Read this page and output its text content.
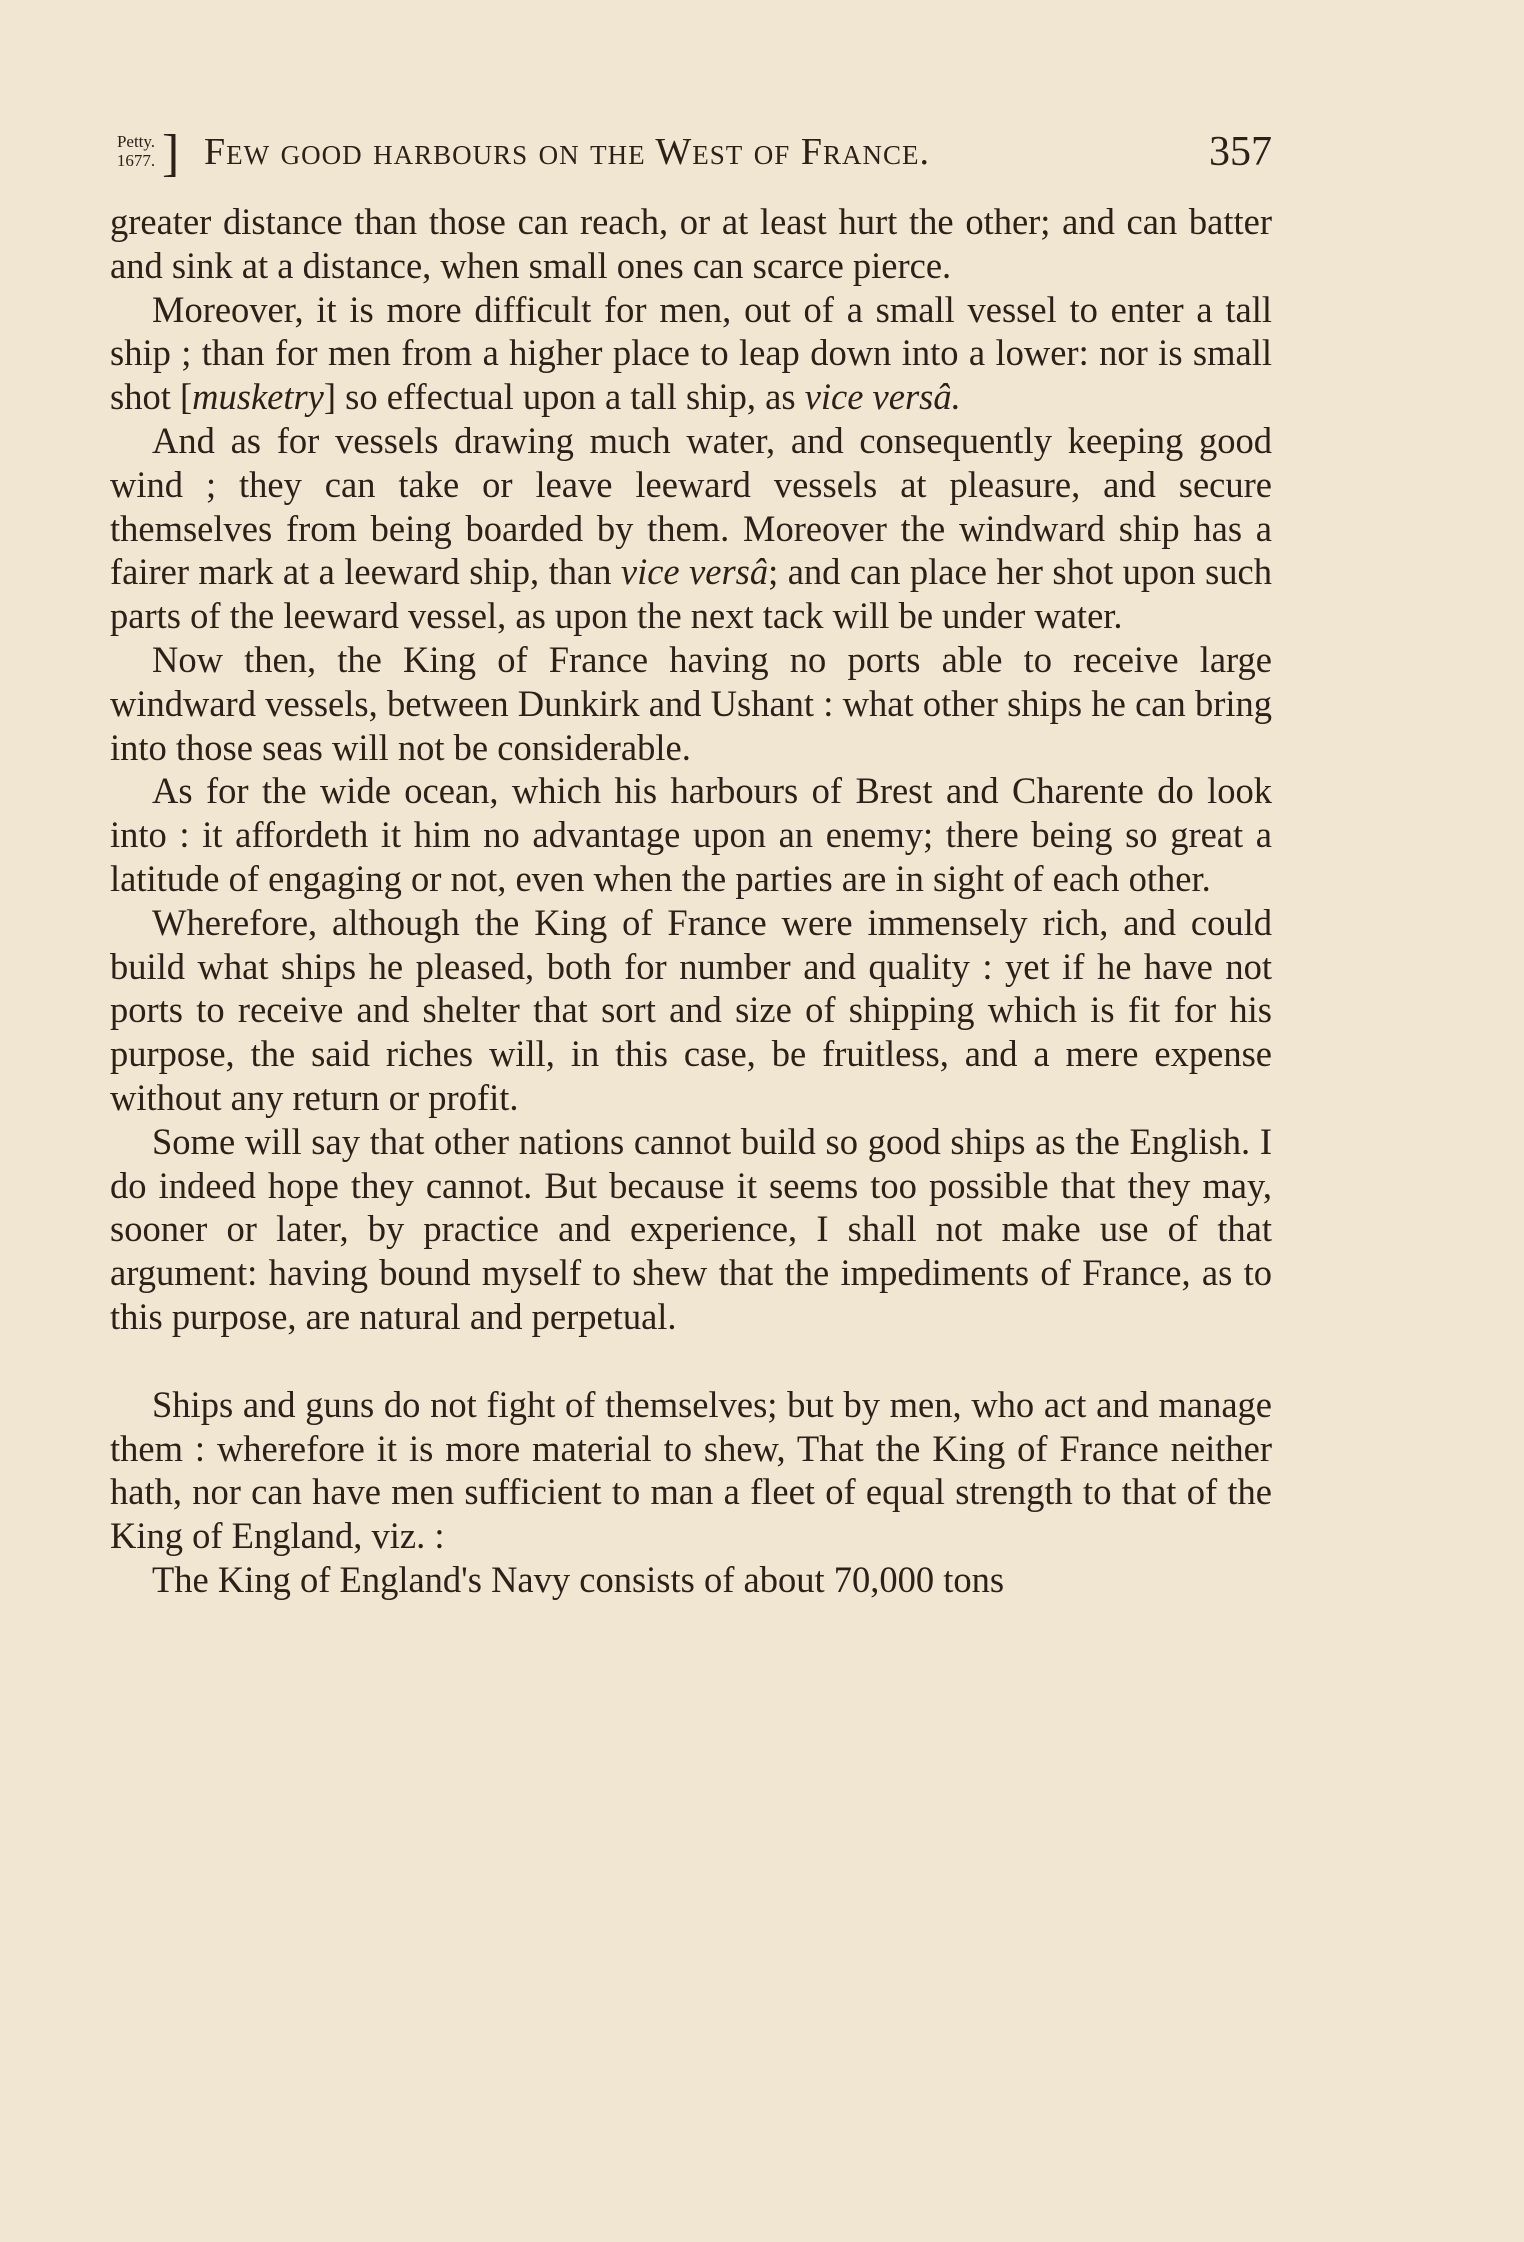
Petty.
1677. ] Few good harbours on the West of France.	357

greater distance than those can reach, or at least hurt the other; and can batter and sink at a distance, when small ones can scarce pierce.

Moreover, it is more difficult for men, out of a small vessel to enter a tall ship ; than for men from a higher place to leap down into a lower: nor is small shot [musketry] so effectual upon a tall ship, as vice versâ.

And as for vessels drawing much water, and consequently keeping good wind ; they can take or leave leeward vessels at pleasure, and secure themselves from being boarded by them. Moreover the windward ship has a fairer mark at a leeward ship, than vice versâ; and can place her shot upon such parts of the leeward vessel, as upon the next tack will be under water.

Now then, the King of France having no ports able to receive large windward vessels, between Dunkirk and Ushant : what other ships he can bring into those seas will not be considerable.

As for the wide ocean, which his harbours of Brest and Charente do look into : it affordeth it him no advantage upon an enemy; there being so great a latitude of engaging or not, even when the parties are in sight of each other.

Wherefore, although the King of France were immensely rich, and could build what ships he pleased, both for number and quality : yet if he have not ports to receive and shelter that sort and size of shipping which is fit for his purpose, the said riches will, in this case, be fruitless, and a mere expense without any return or profit.

Some will say that other nations cannot build so good ships as the English. I do indeed hope they cannot. But because it seems too possible that they may, sooner or later, by practice and experience, I shall not make use of that argument: having bound myself to shew that the impediments of France, as to this purpose, are natural and perpetual.

Ships and guns do not fight of themselves; but by men, who act and manage them : wherefore it is more material to shew, That the King of France neither hath, nor can have men sufficient to man a fleet of equal strength to that of the King of England, viz. :

The King of England's Navy consists of about 70,000 tons
